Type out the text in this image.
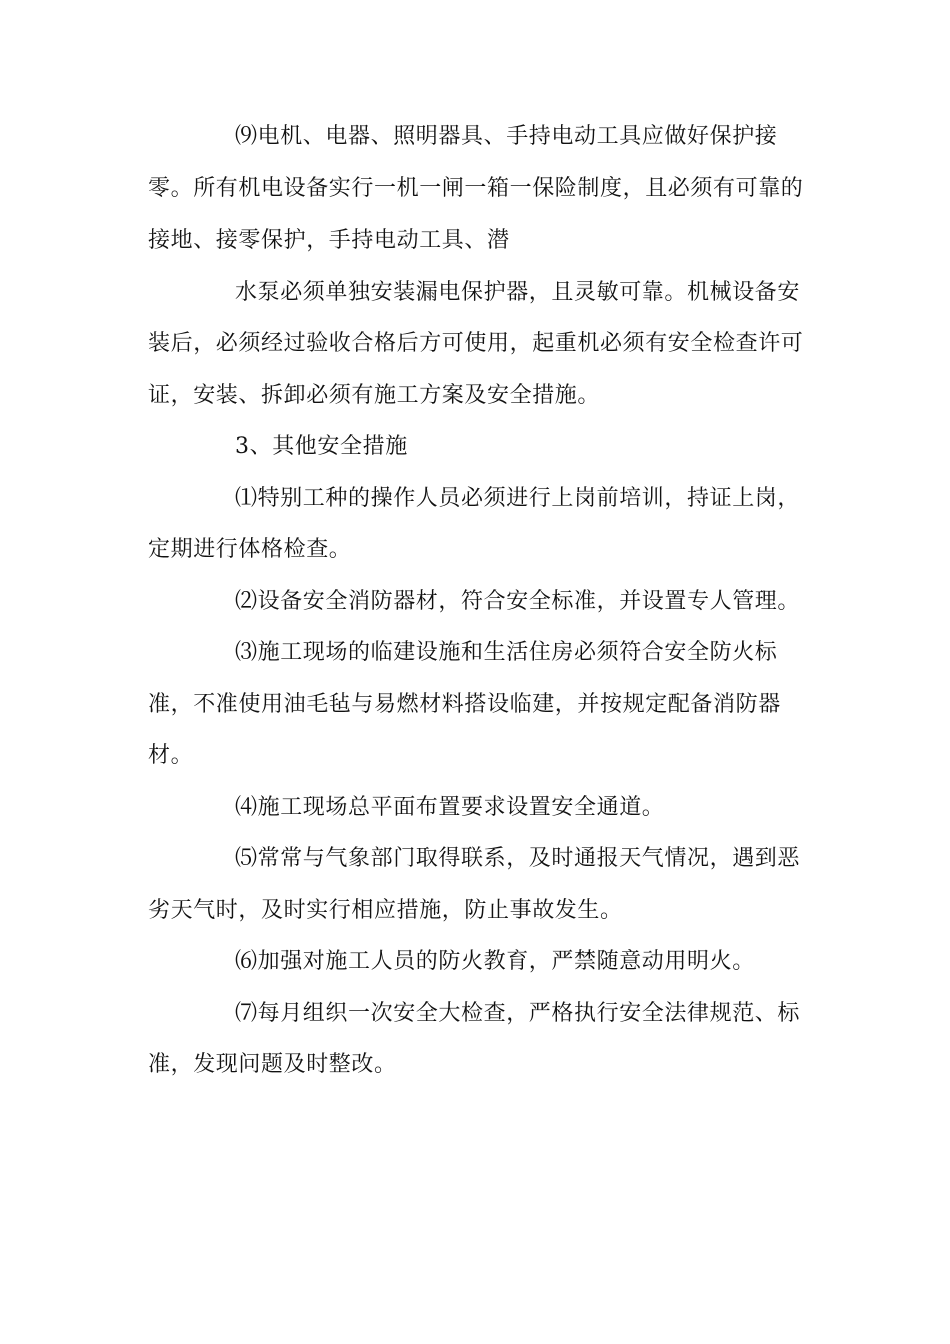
⑼电机、电器、照明器具、手持电动工具应做好保护接
零。所有机电设备实行一机一闸一箱一保险制度，且必须有可靠的
接地、接零保护，手持电动工具、潜
水泵必须单独安装漏电保护器，且灵敏可靠。机械设备安
装后，必须经过验收合格后方可使用，起重机必须有安全检查许可
证，安装、拆卸必须有施工方案及安全措施。
3、其他安全措施
⑴特别工种的操作人员必须进行上岗前培训，持证上岗，
定期进行体格检查。
⑵设备安全消防器材，符合安全标准，并设置专人管理。
⑶施工现场的临建设施和生活住房必须符合安全防火标
准，不准使用油毛毡与易燃材料搭设临建，并按规定配备消防器
材。
⑷施工现场总平面布置要求设置安全通道。
⑸常常与气象部门取得联系，及时通报天气情况，遇到恶
劣天气时，及时实行相应措施，防止事故发生。
⑹加强对施工人员的防火教育，严禁随意动用明火。
⑺每月组织一次安全大检查，严格执行安全法律规范、标
准，发现问题及时整改。
